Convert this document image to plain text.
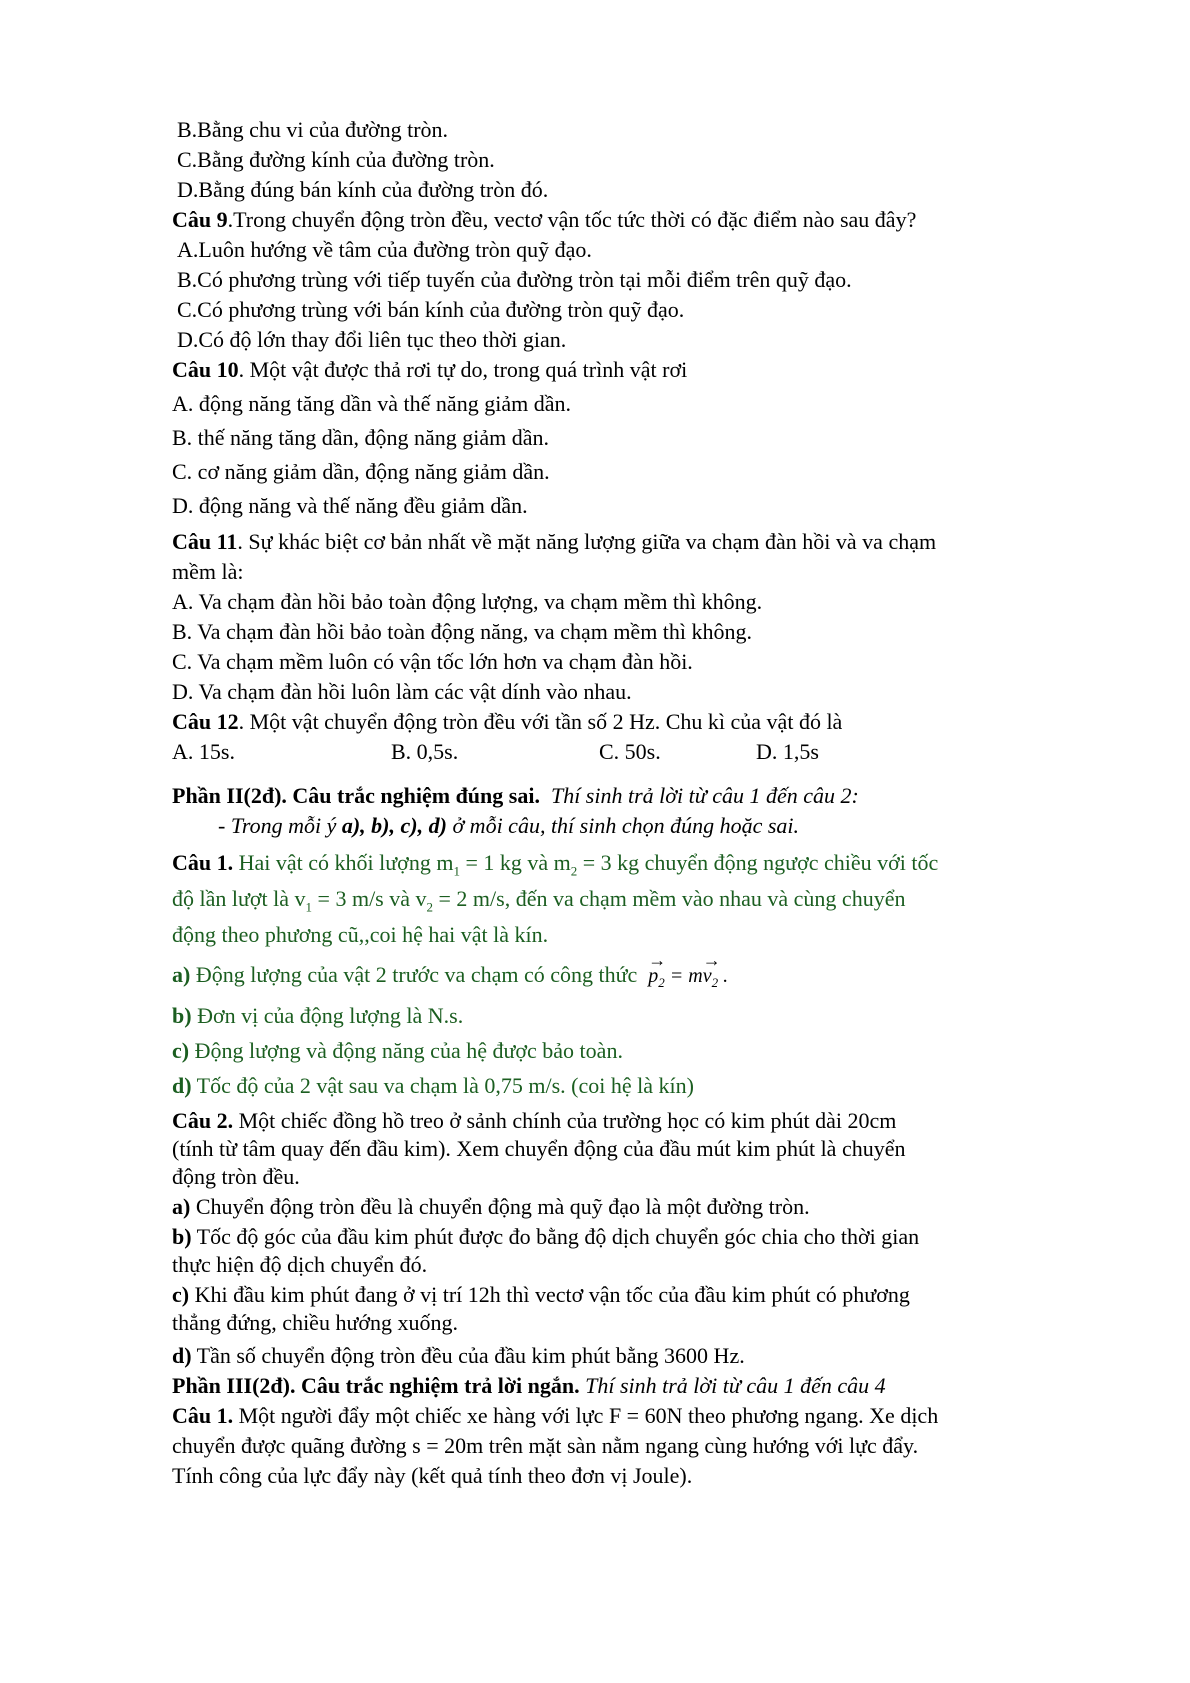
B.Bằng chu vi của đường tròn.
C.Bằng đường kính của đường tròn.
D.Bằng đúng bán kính của đường tròn đó.
Câu 9.Trong chuyển động tròn đều, vectơ vận tốc tức thời có đặc điểm nào sau đây?
A.Luôn hướng về tâm của đường tròn quỹ đạo.
B.Có phương trùng với tiếp tuyến của đường tròn tại mỗi điểm trên quỹ đạo.
C.Có phương trùng với bán kính của đường tròn quỹ đạo.
D.Có độ lớn thay đổi liên tục theo thời gian.
Câu 10. Một vật được thả rơi tự do, trong quá trình vật rơi
A. động năng tăng dần và thế năng giảm dần.
B. thế năng tăng dần, động năng giảm dần.
C. cơ năng giảm dần, động năng giảm dần.
D. động năng và thế năng đều giảm dần.
Câu 11. Sự khác biệt cơ bản nhất về mặt năng lượng giữa va chạm đàn hồi và va chạm
mềm là:
A. Va chạm đàn hồi bảo toàn động lượng, va chạm mềm thì không.
B. Va chạm đàn hồi bảo toàn động năng, va chạm mềm thì không.
C. Va chạm mềm luôn có vận tốc lớn hơn va chạm đàn hồi.
D. Va chạm đàn hồi luôn làm các vật dính vào nhau.
Câu 12. Một vật chuyển động tròn đều với tần số 2 Hz. Chu kì của vật đó là
A. 15s.	B. 0,5s.	C. 50s.	D. 1,5s
Phần II(2đ). Câu trắc nghiệm đúng sai. Thí sinh trả lời từ câu 1 đến câu 2:
- Trong mỗi ý a), b), c), d) ở mỗi câu, thí sinh chọn đúng hoặc sai.
Câu 1. Hai vật có khối lượng $m_1 = 1$ kg và $m_2 = 3$ kg chuyển động ngược chiều với tốc
độ lần lượt là $v_1 = 3$ m/s và $v_2 = 2$ m/s, đến va chạm mềm vào nhau và cùng chuyển
động theo phương cũ,,coi hệ hai vật là kín.
a) Động lượng của vật 2 trước va chạm có công thức  → $p_2 = m\to v_2$ .
b) Đơn vị của động lượng là N.s.
c) Động lượng và động năng của hệ được bảo toàn.
d) Tốc độ của 2 vật sau va chạm là 0,75 m/s. (coi hệ là kín)
Câu 2. Một chiếc đồng hồ treo ở sảnh chính của trường học có kim phút dài 20cm
(tính từ tâm quay đến đầu kim). Xem chuyển động của đầu mút kim phút là chuyển
động tròn đều.
a) Chuyển động tròn đều là chuyển động mà quỹ đạo là một đường tròn.
b) Tốc độ góc của đầu kim phút được đo bằng độ dịch chuyển góc chia cho thời gian
thực hiện độ dịch chuyển đó.
c) Khi đầu kim phút đang ở vị trí 12h thì vectơ vận tốc của đầu kim phút có phương
thẳng đứng, chiều hướng xuống.
d) Tần số chuyển động tròn đều của đầu kim phút bằng 3600 Hz.
Phần III(2đ). Câu trắc nghiệm trả lời ngắn. Thí sinh trả lời từ câu 1 đến câu 4
Câu 1. Một người đẩy một chiếc xe hàng với lực F = 60N theo phương ngang. Xe dịch
chuyển được quãng đường s = 20m trên mặt sàn nằm ngang cùng hướng với lực đẩy.
Tính công của lực đẩy này (kết quả tính theo đơn vị Joule).
